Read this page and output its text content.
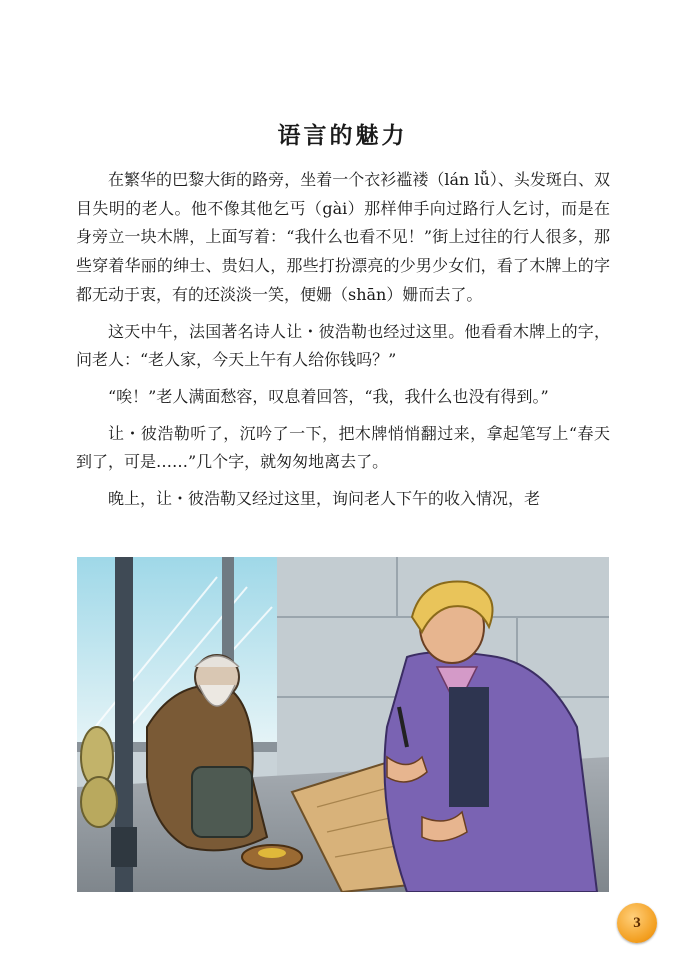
语言的魅力

在繁华的巴黎大街的路旁，坐着一个衣衫褴褛（lán lǚ）、头发斑白、双目失明的老人。他不像其他乞丐（gài）那样伸手向过路行人乞讨，而是在身旁立一块木牌，上面写着：“我什么也看不见！”街上过往的行人很多，那些穿着华丽的绅士、贵妇人，那些打扮漂亮的少男少女们，看了木牌上的字都无动于衷，有的还淡淡一笑，便姗（shān）姗而去了。

这天中午，法国著名诗人让・彼浩勒也经过这里。他看看木牌上的字，问老人：“老人家，今天上午有人给你钱吗？”

“唉！”老人满面愁容，叹息着回答，“我，我什么也没有得到。”

让・彼浩勒听了，沉吟了一下，把木牌悄悄翻过来，拿起笔写上“春天到了，可是……”几个字，就匆匆地离去了。

晚上，让・彼浩勒又经过这里，询问老人下午的收入情况，老

3
